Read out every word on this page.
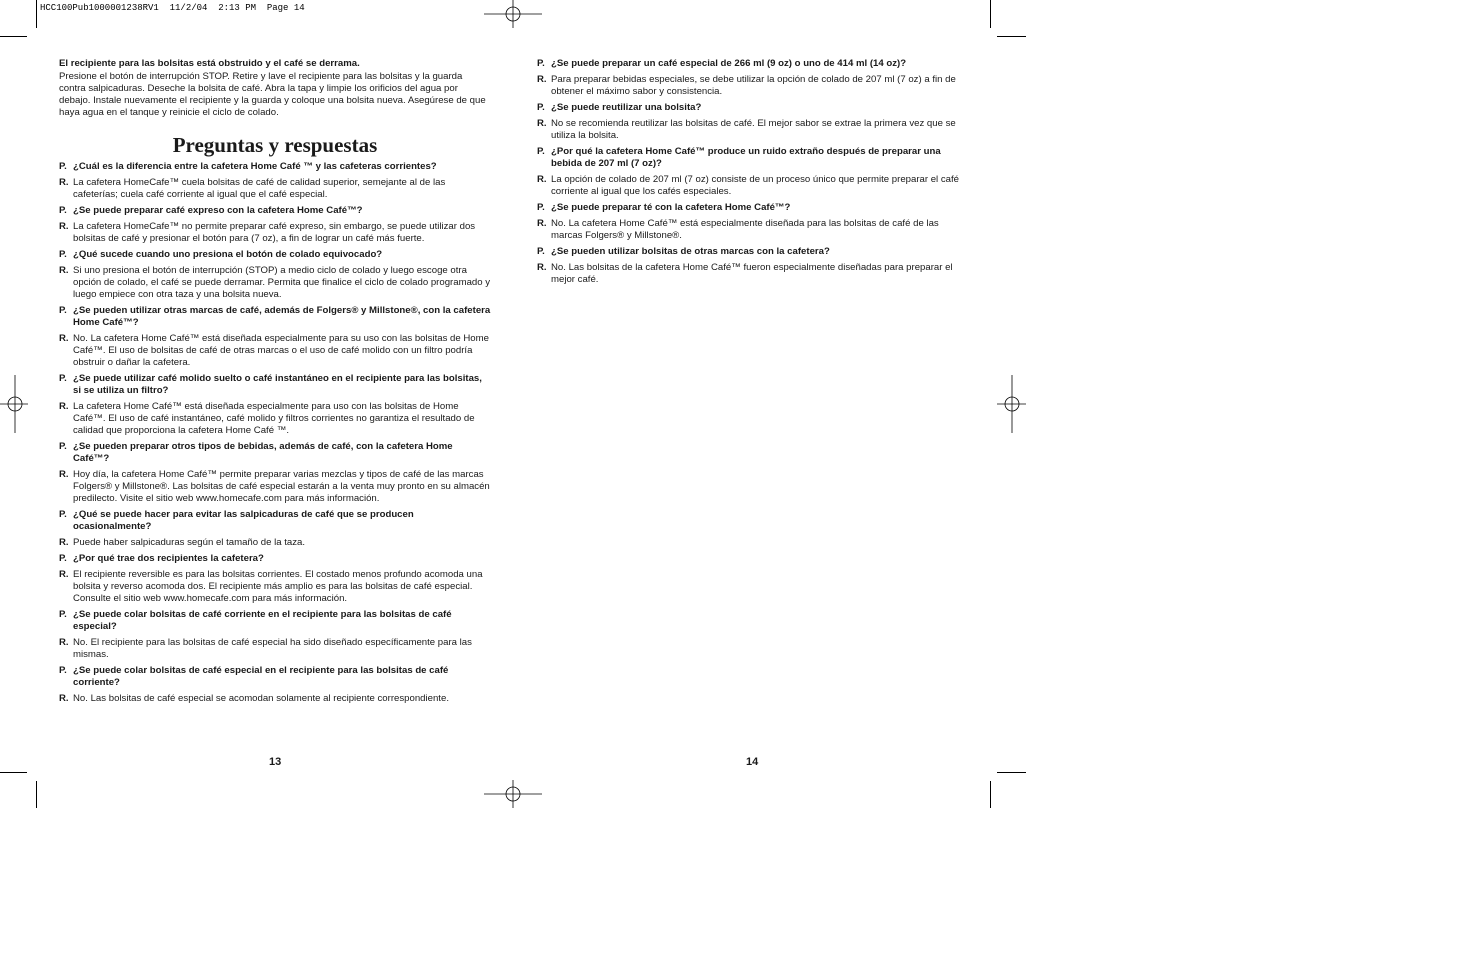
HCC100Pub1000001238RV1  11/2/04  2:13 PM  Page 14
El recipiente para las bolsitas está obstruido y el café se derrama.

Presione el botón de interrupción STOP. Retire y lave el recipiente para las bolsitas y la guarda contra salpicaduras. Deseche la bolsita de café. Abra la tapa y limpie los orificios del agua por debajo. Instale nuevamente el recipiente y la guarda y coloque una bolsita nueva. Asegúrese de que haya agua en el tanque y reinicie el ciclo de colado.

Preguntas y respuestas
P. ¿Cuál es la diferencia entre la cafetera Home Café ™ y las cafeteras corrientes?
R. La cafetera HomeCafe™ cuela bolsitas de café de calidad superior, semejante al de las cafeterías; cuela café corriente al igual que el café especial.
P. ¿Se puede preparar café expreso con la cafetera Home Café™?
R. La cafetera HomeCafe™ no permite preparar café expreso, sin embargo, se puede utilizar dos bolsitas de café y presionar el botón para (7 oz), a fin de lograr un café más fuerte.
P. ¿Qué sucede cuando uno presiona el botón de colado equivocado?
R. Si uno presiona el botón de interrupción (STOP) a medio ciclo de colado y luego escoge otra opción de colado, el café se puede derramar. Permita que finalice el ciclo de colado programado y luego empiece con otra taza y una bolsita nueva.
P. ¿Se pueden utilizar otras marcas de café, además de Folgers® y Millstone®, con la cafetera Home Café™?
R. No. La cafetera Home Café™ está diseñada especialmente para su uso con las bolsitas de Home Café™. El uso de bolsitas de café de otras marcas o el uso de café molido con un filtro podría obstruir o dañar la cafetera.
P. ¿Se puede utilizar café molido suelto o café instantáneo en el recipiente para las bolsitas, si se utiliza un filtro?
R. La cafetera Home Café™ está diseñada especialmente para uso con las bolsitas de Home Café™. El uso de café instantáneo, café molido y filtros corrientes no garantiza el resultado de calidad que proporciona la cafetera Home Café ™.
P. ¿Se pueden preparar otros tipos de bebidas, además de café, con la cafetera Home Café™?
R. Hoy día, la cafetera Home Café™ permite preparar varias mezclas y tipos de café de las marcas Folgers® y Millstone®. Las bolsitas de café especial estarán a la venta muy pronto en su almacén predilecto. Visite el sitio web www.homecafe.com para más información.
P. ¿Qué se puede hacer para evitar las salpicaduras de café que se producen ocasionalmente?
R. Puede haber salpicaduras según el tamaño de la taza.
P. ¿Por qué trae dos recipientes la cafetera?
R. El recipiente reversible es para las bolsitas corrientes. El costado menos profundo acomoda una bolsita y reverso acomoda dos. El recipiente más amplio es para las bolsitas de café especial. Consulte el sitio web www.homecafe.com para más información.
P. ¿Se puede colar bolsitas de café corriente en el recipiente para las bolsitas de café especial?
R. No. El recipiente para las bolsitas de café especial ha sido diseñado específicamente para las mismas.
P. ¿Se puede colar bolsitas de café especial en el recipiente para las bolsitas de café corriente?
R. No. Las bolsitas de café especial se acomodan solamente al recipiente correspondiente.
P. ¿Se puede preparar un café especial de 266 ml (9 oz) o uno de 414 ml (14 oz)?
R. Para preparar bebidas especiales, se debe utilizar la opción de colado de 207 ml (7 oz) a fin de obtener el máximo sabor y consistencia.
P. ¿Se puede reutilizar una bolsita?
R. No se recomienda reutilizar las bolsitas de café. El mejor sabor se extrae la primera vez que se utiliza la bolsita.
P. ¿Por qué la cafetera Home Café™ produce un ruido extraño después de preparar una bebida de 207 ml (7 oz)?
R. La opción de colado de 207 ml (7 oz) consiste de un proceso único que permite preparar el café corriente al igual que los cafés especiales.
P. ¿Se puede preparar té con la cafetera Home Café™?
R. No. La cafetera Home Café™ está especialmente diseñada para las bolsitas de café de las marcas Folgers® y Millstone®.
P. ¿Se pueden utilizar bolsitas de otras marcas con la cafetera?
R. No. Las bolsitas de la cafetera Home Café™ fueron especialmente diseñadas para preparar el mejor café.
13	14
